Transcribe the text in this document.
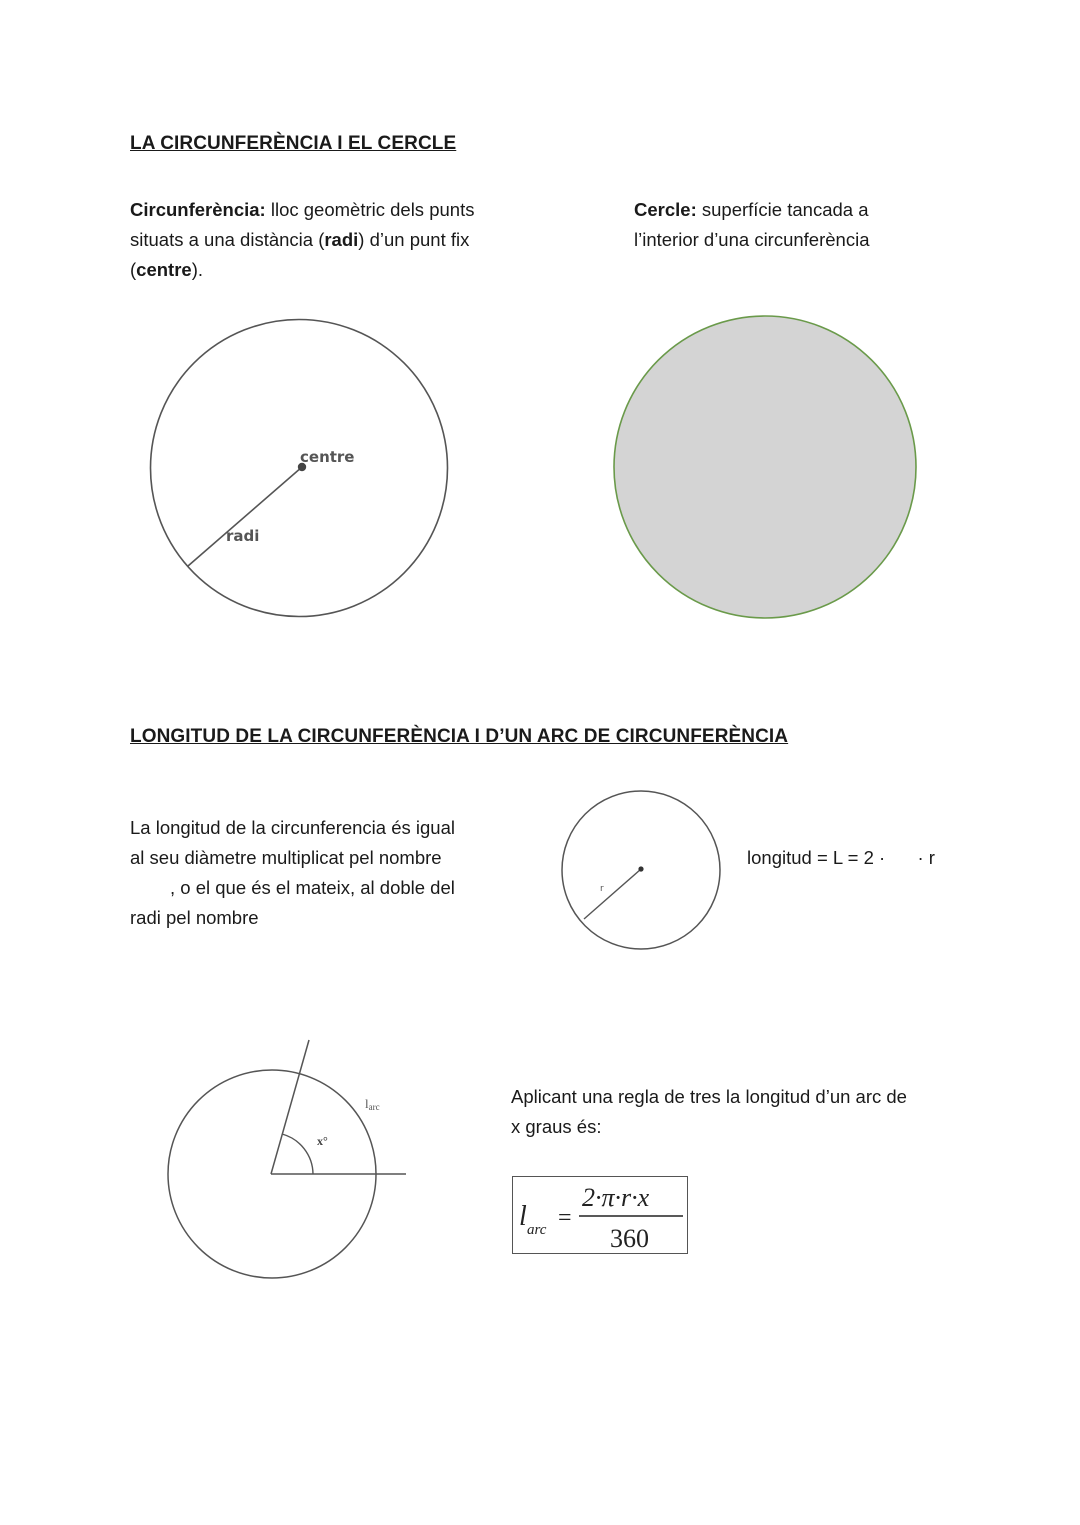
LA CIRCUNFERÈNCIA I EL CERCLE
Circunferència: lloc geomètric dels punts situats a una distància (radi) d’un punt fix (centre).
Cercle: superfície tancada a l’interior d’una circunferència
centre
radi
LONGITUD DE LA CIRCUNFERÈNCIA I D’UN ARC DE CIRCUNFERÈNCIA
La longitud de la circunferencia és igual
al seu diàmetre multiplicat pel nombre
, o el que és el mateix, al doble del
radi pel nombre
r
longitud = L = 2 · · r
x°
larc	Aplicant una regla de tres la longitud d’un arc de
x graus és:
l arc =
2·π·r·x
360
